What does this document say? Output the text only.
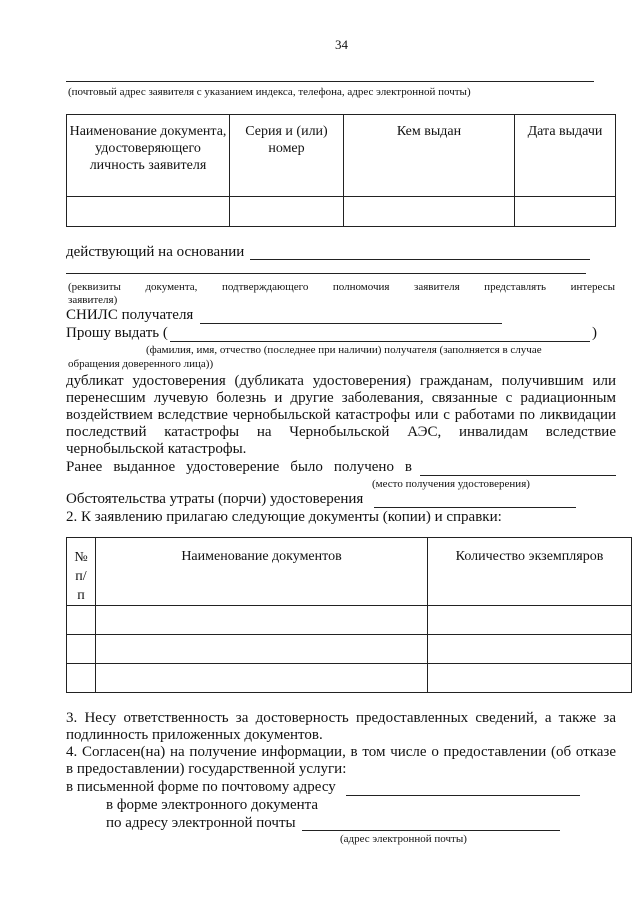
34
(почтовый адрес заявителя с указанием индекса, телефона, адрес электронной почты)
Наименование документа, удостоверяющего личность заявителя	Серия и (или) номер	Кем выдан	Дата выдачи

действующий на основании
(реквизиты документа, подтверждающего полномочия заявителя представлять интересы
заявителя)
СНИЛС получателя
Прошу выдать (	)
(фамилия, имя, отчество (последнее при наличии) получателя (заполняется в случае
обращения доверенного лица))
дубликат удостоверения (дубликата удостоверения) гражданам, получившим или
перенесшим лучевую болезнь и другие заболевания, связанные с радиационным
воздействием вследствие чернобыльской катастрофы или с работами по ликвидации
последствий катастрофы на Чернобыльской АЭС, инвалидам вследствие
чернобыльской катастрофы.
Ранее выданное удостоверение было получено в
(место получения удостоверения)
Обстоятельства утраты (порчи) удостоверения
2. К заявлению прилагаю следующие документы (копии) и справки:
№
п/
п	Наименование документов	Количество экземпляров

3. Несу ответственность за достоверность предоставленных сведений, а также за
подлинность приложенных документов.
4. Согласен(на) на получение информации, в том числе о предоставлении (об отказе
в предоставлении) государственной услуги:
в письменной форме по почтовому адресу
в форме электронного документа
по адресу электронной почты
(адрес электронной почты)
